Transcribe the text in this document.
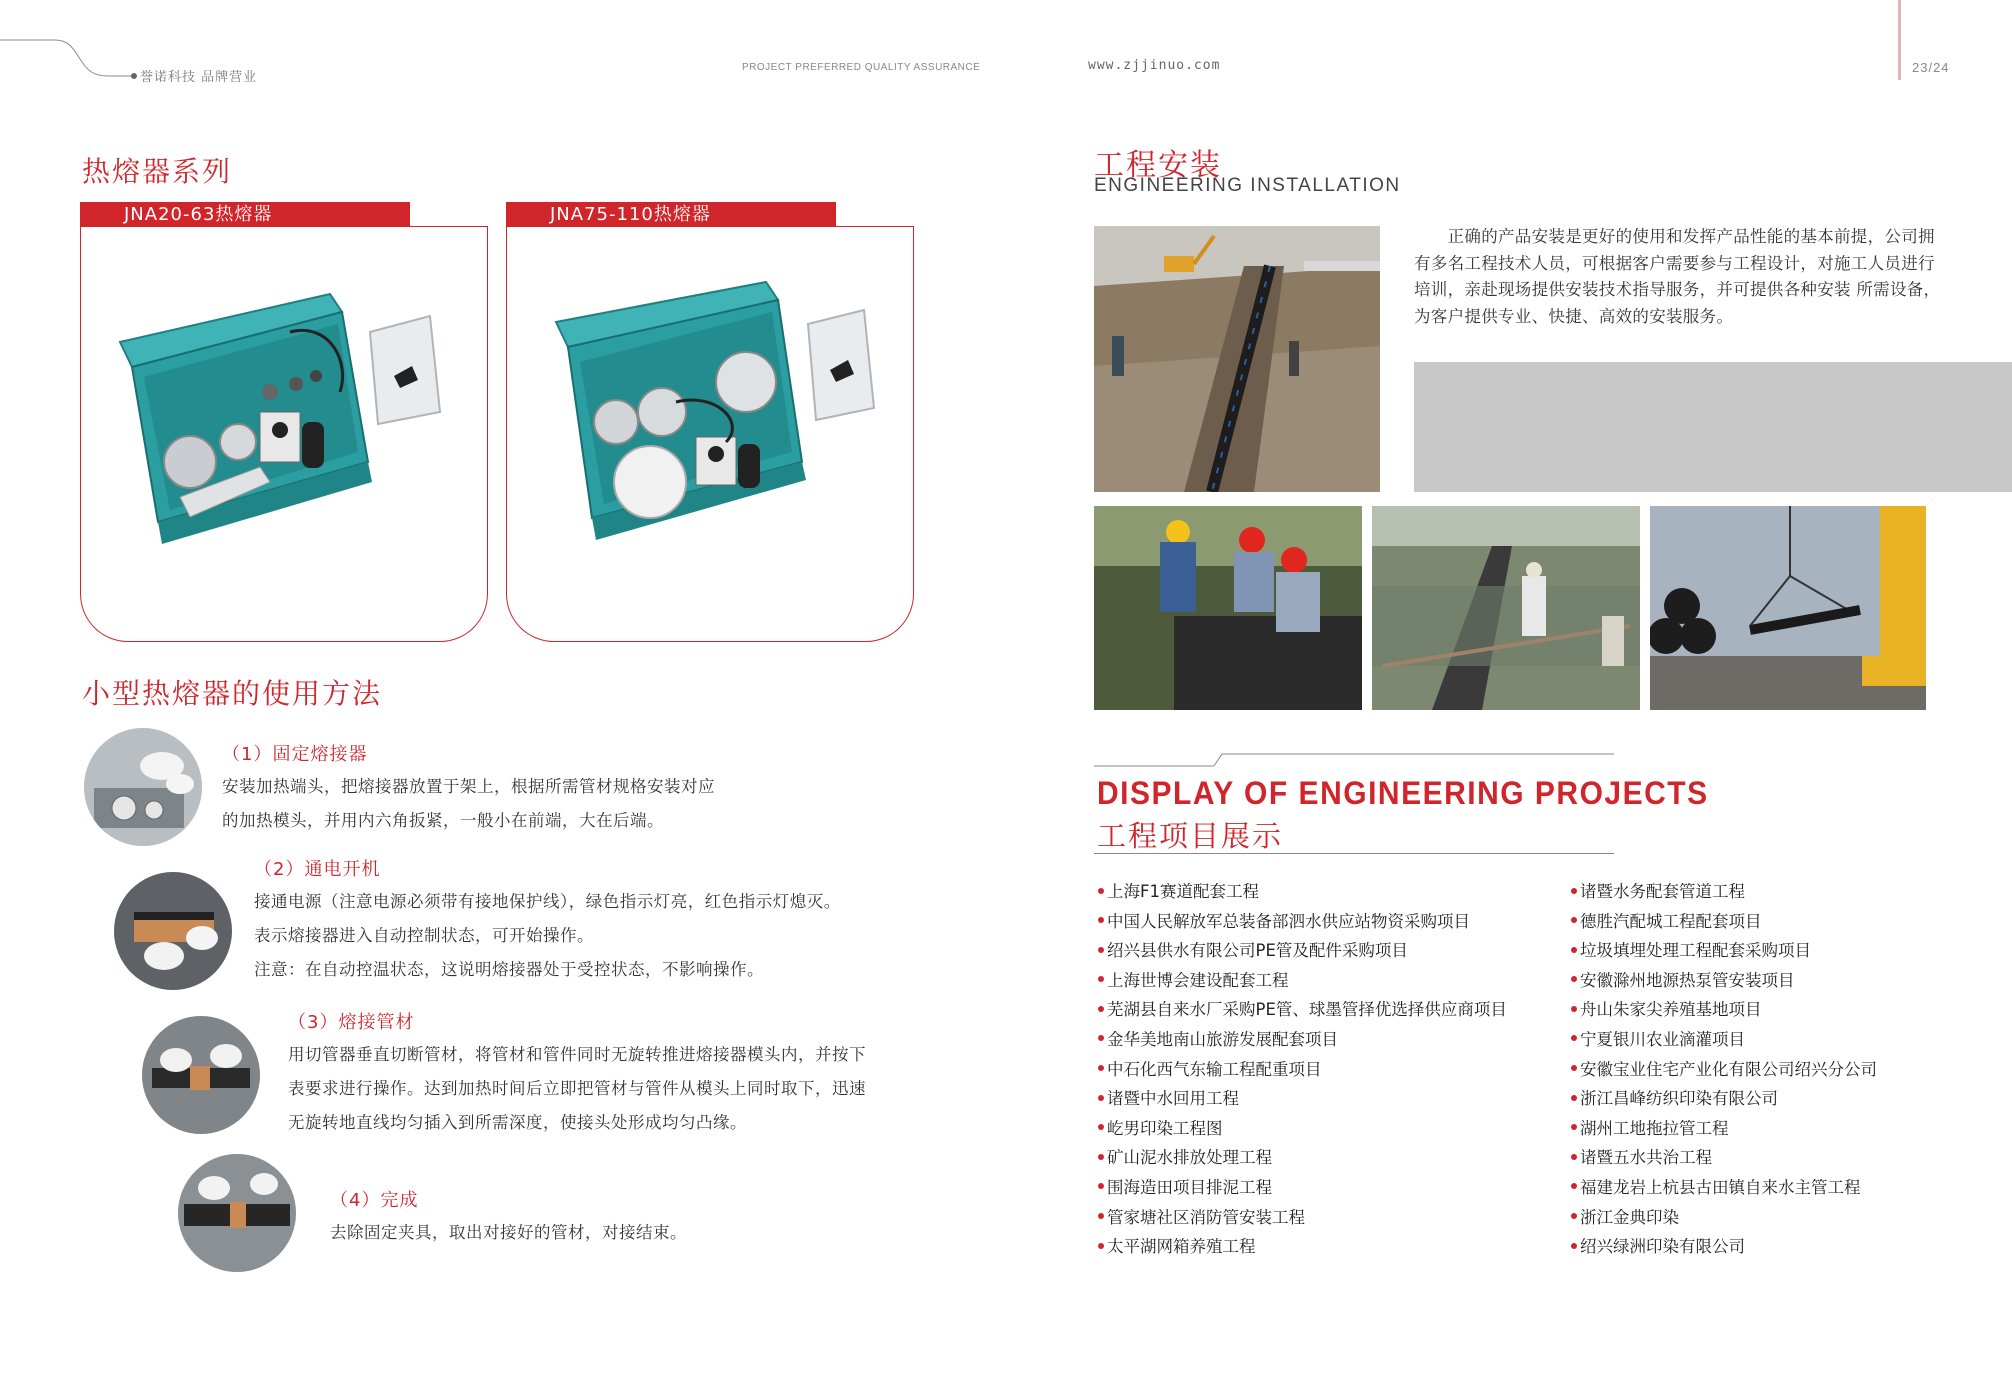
誉诺科技 品牌营业
PROJECT PREFERRED QUALITY ASSURANCE	www.zjjinuo.com	23/24
热熔器系列
JNA20-63热熔器	JNA75-110热熔器
小型热熔器的使用方法
（1）固定熔接器
安装加热端头，把熔接器放置于架上，根据所需管材规格安装对应
的加热模头，并用内六角扳紧，一般小在前端，大在后端。
（2）通电开机
接通电源（注意电源必须带有接地保护线），绿色指示灯亮，红色指示灯熄灭。
表示熔接器进入自动控制状态，可开始操作。
注意：在自动控温状态，这说明熔接器处于受控状态，不影响操作。
（3）熔接管材
用切管器垂直切断管材，将管材和管件同时无旋转推进熔接器模头内，并按下
表要求进行操作。达到加热时间后立即把管材与管件从模头上同时取下，迅速
无旋转地直线均匀插入到所需深度，使接头处形成均匀凸缘。
（4）完成
去除固定夹具，取出对接好的管材，对接结束。
工程安装
ENGINEERING INSTALLATION
　　正确的产品安装是更好的使用和发挥产品性能的基本前提，公司拥
有多名工程技术人员，可根据客户需要参与工程设计，对施工人员进行
培训，亲赴现场提供安装技术指导服务，并可提供各种安装 所需设备，
为客户提供专业、快捷、高效的安装服务。
DISPLAY OF ENGINEERING PROJECTS
工程项目展示
上海F1赛道配套工程
中国人民解放军总装备部泗水供应站物资采购项目
绍兴县供水有限公司PE管及配件采购项目
上海世博会建设配套工程
芜湖县自来水厂采购PE管、球墨管择优选择供应商项目
金华美地南山旅游发展配套项目
中石化西气东输工程配重项目
诸暨中水回用工程
屹男印染工程图
矿山泥水排放处理工程
围海造田项目排泥工程
管家塘社区消防管安装工程
太平湖网箱养殖工程
诸暨水务配套管道工程
德胜汽配城工程配套项目
垃圾填埋处理工程配套采购项目
安徽滁州地源热泵管安装项目
舟山朱家尖养殖基地项目
宁夏银川农业滴灌项目
安徽宝业住宅产业化有限公司绍兴分公司
浙江昌峰纺织印染有限公司
湖州工地拖拉管工程
诸暨五水共治工程
福建龙岩上杭县古田镇自来水主管工程
浙江金典印染
绍兴绿洲印染有限公司
